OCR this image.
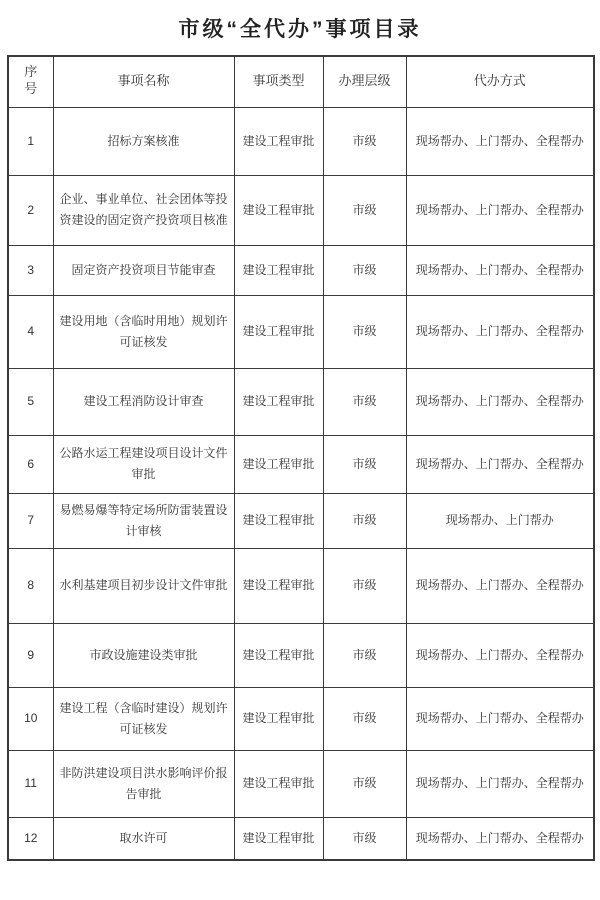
市级“全代办”事项目录
序号	事项名称	事项类型	办理层级	代办方式
1	招标方案核准	建设工程审批	市级	现场帮办、上门帮办、全程帮办
2	企业、事业单位、社会团体等投资建设的固定资产投资项目核准	建设工程审批	市级	现场帮办、上门帮办、全程帮办
3	固定资产投资项目节能审查	建设工程审批	市级	现场帮办、上门帮办、全程帮办
4	建设用地（含临时用地）规划许可证核发	建设工程审批	市级	现场帮办、上门帮办、全程帮办
5	建设工程消防设计审查	建设工程审批	市级	现场帮办、上门帮办、全程帮办
6	公路水运工程建设项目设计文件审批	建设工程审批	市级	现场帮办、上门帮办、全程帮办
7	易燃易爆等特定场所防雷装置设计审核	建设工程审批	市级	现场帮办、上门帮办
8	水利基建项目初步设计文件审批	建设工程审批	市级	现场帮办、上门帮办、全程帮办
9	市政设施建设类审批	建设工程审批	市级	现场帮办、上门帮办、全程帮办
10	建设工程（含临时建设）规划许可证核发	建设工程审批	市级	现场帮办、上门帮办、全程帮办
11	非防洪建设项目洪水影响评价报告审批	建设工程审批	市级	现场帮办、上门帮办、全程帮办
12	取水许可	建设工程审批	市级	现场帮办、上门帮办、全程帮办
